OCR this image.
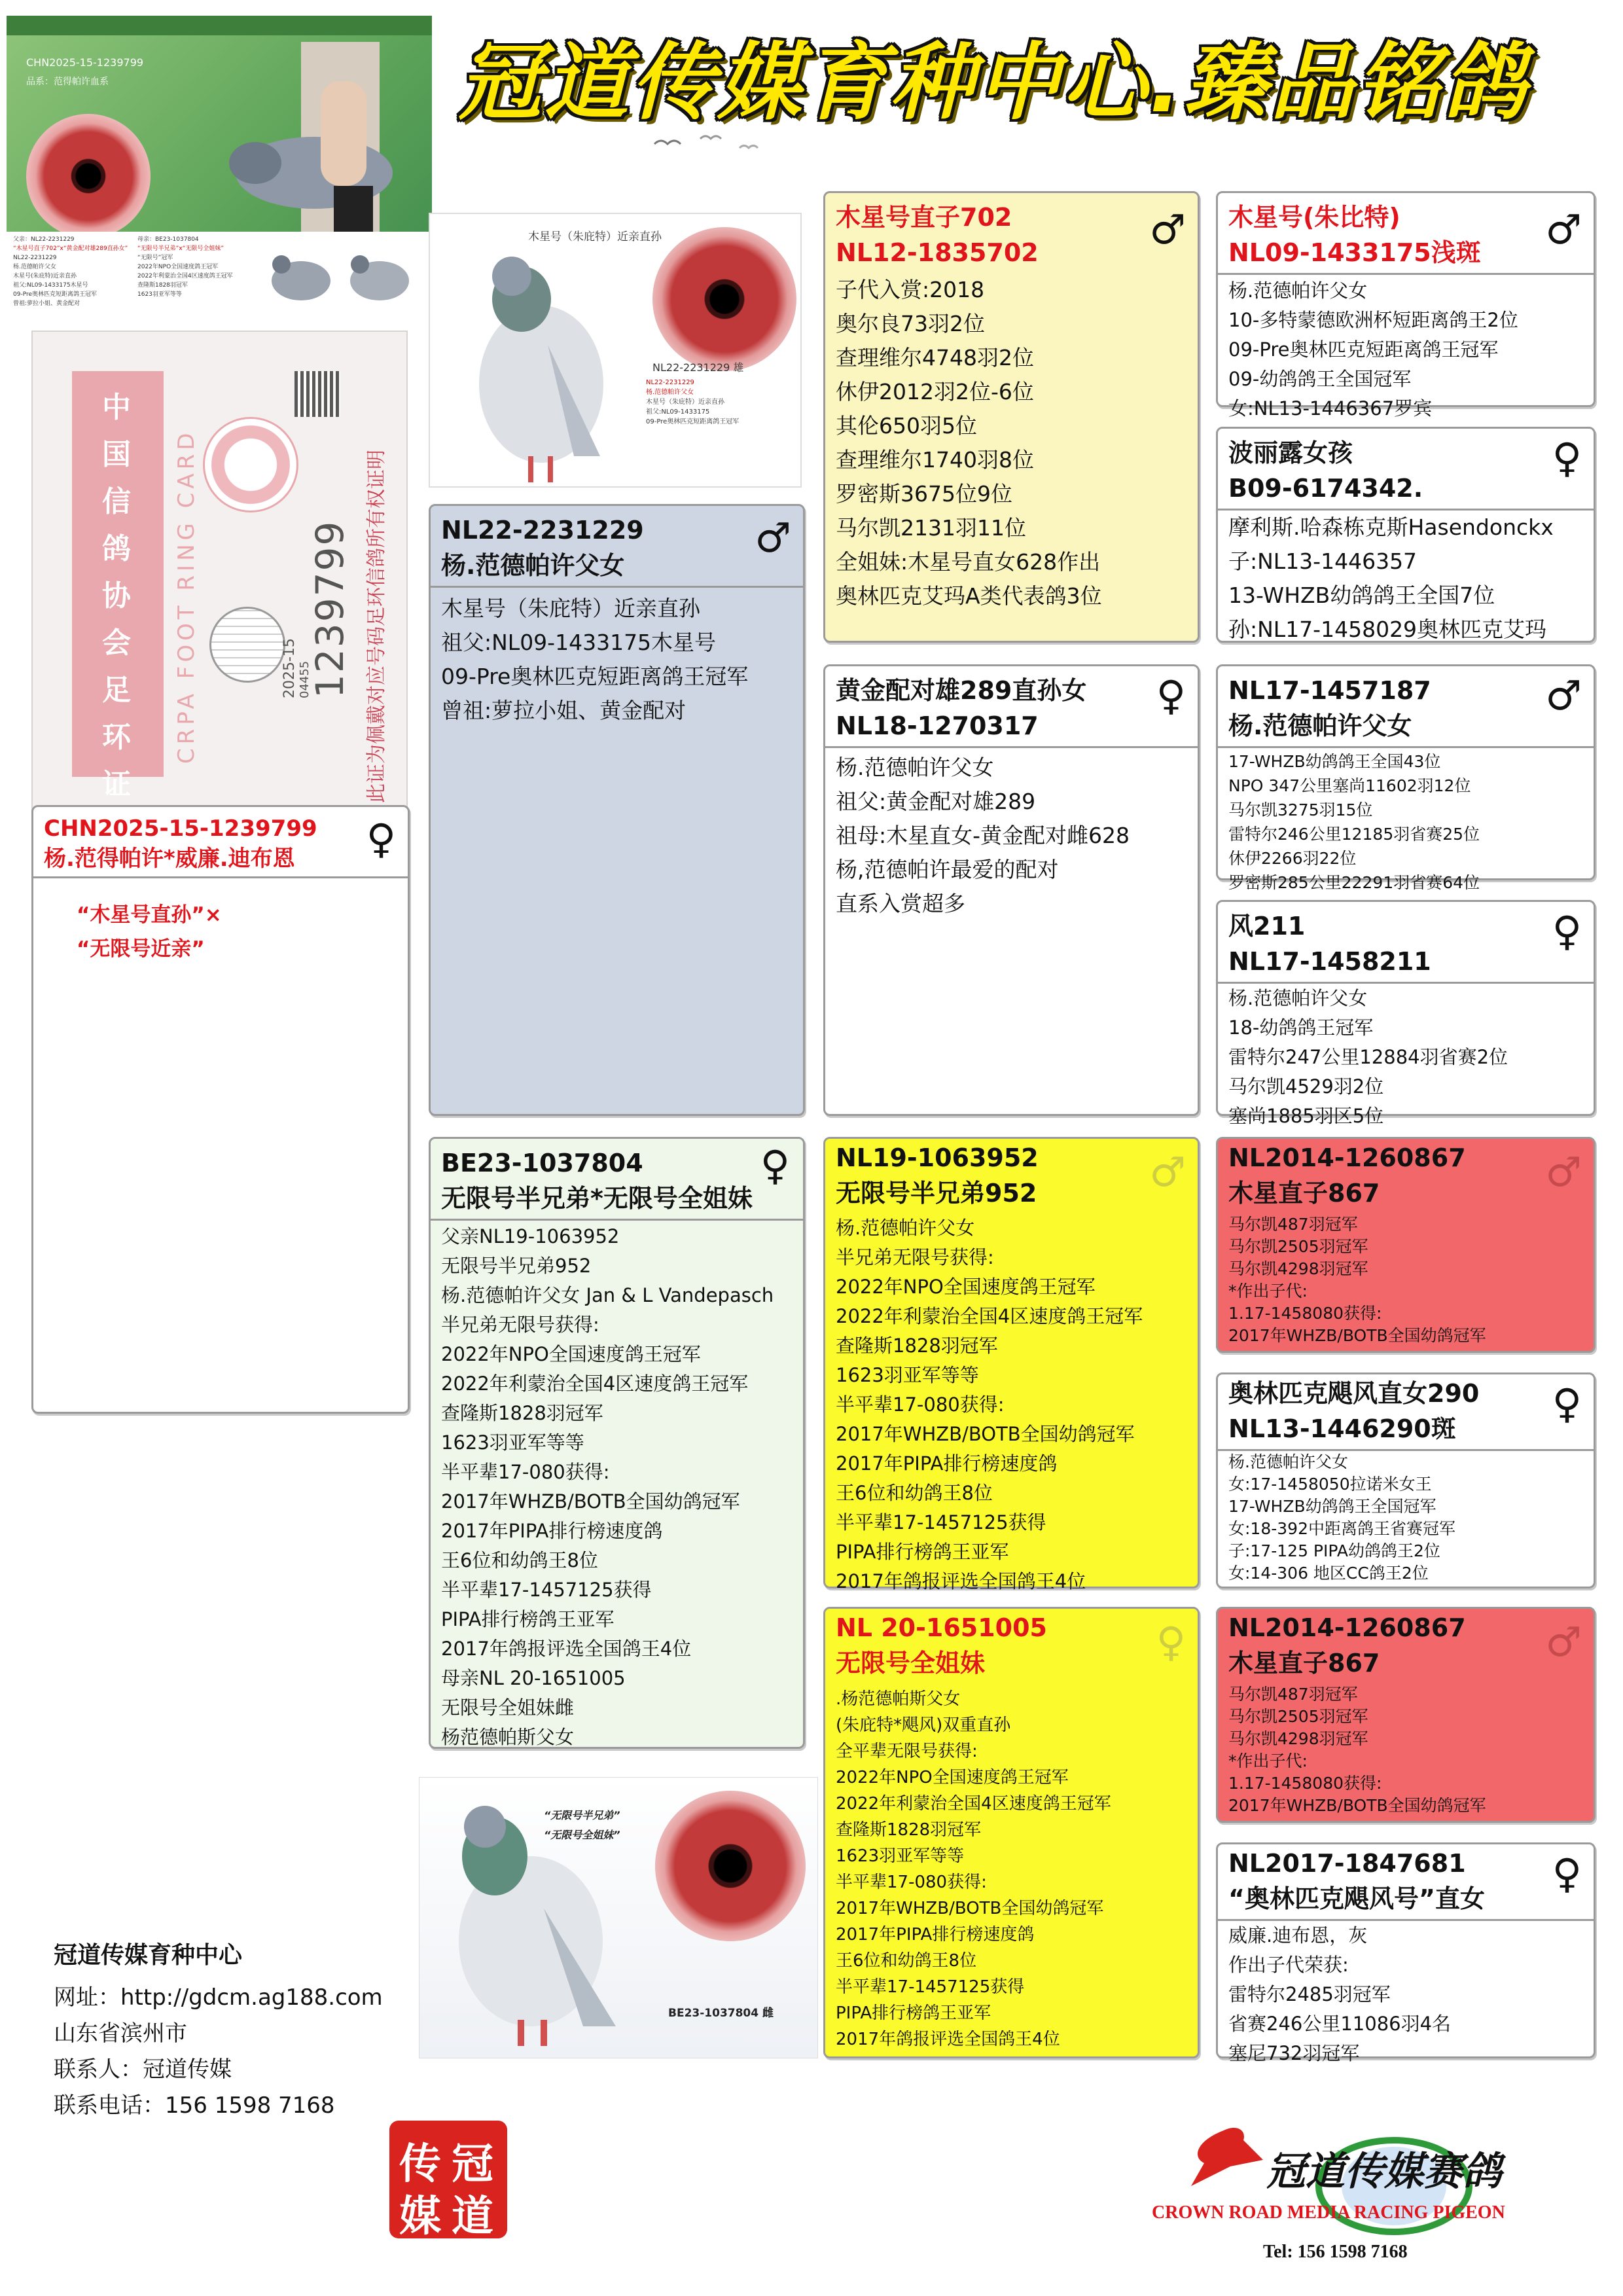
冠道传媒育种中心.臻品铭鸽
CHN2025-15-1239799
品系：范得帕许血系
父亲：NL22-2231229
“木星号直子702”x“黄金配对雄289直孙女”
NL22-2231229
杨.范德帕许父女
木星号(朱庇特)近亲直孙
祖父:NL09-1433175木星号
09-Pre奥林匹克短距离鸽王冠军
曾祖:萝拉小姐、黄金配对
母亲：BE23-1037804
“无限号半兄弟”x“无限号全姐妹”
“无限号”冠军
2022年NPO全国速度鸽王冠军
2022年利蒙治全国4区速度鸽王冠军
查隆斯1828羽冠军
1623羽亚军等等
中国信鸽协会足环证
CRPA FOOT RING CARD	1239799
2025-15 04455	此证为佩戴对应号码足环信鸽所有权证明
木星号（朱庇特）近亲直孙
NL22-2231229
杨.范德帕许父女
木星号（朱庇特）近亲直孙
祖父:NL09-1433175
09-Pre奥林匹克短距离鸽王冠军
NL22-2231229 雄
CHN2025-15-1239799
杨.范得帕许*威廉.迪布恩	♀
“木星号直孙”×
“无限号近亲”
NL22-2231229
杨.范德帕许父女
♂
木星号（朱庇特）近亲直孙
祖父:NL09-1433175木星号
09-Pre奥林匹克短距离鸽王冠军
曾祖:萝拉小姐、黄金配对
BE23-1037804
无限号半兄弟*无限号全姐妹
♀
父亲NL19-1063952
无限号半兄弟952
杨.范德帕许父女 Jan & L Vandepasch
半兄弟无限号获得:
2022年NPO全国速度鸽王冠军
2022年利蒙治全国4区速度鸽王冠军
查隆斯1828羽冠军
1623羽亚军等等
半平辈17-080获得:
2017年WHZB/BOTB全国幼鸽冠军
2017年PIPA排行榜速度鸽
王6位和幼鸽王8位
半平辈17-1457125获得
PIPA排行榜鸽王亚军
2017年鸽报评选全国鸽王4位
母亲NL 20-1651005
无限号全姐妹雌
杨范德帕斯父女
“无限号半兄弟”
“无限号全姐妹”
BE23-1037804 雌
木星号直子702
NL12-1835702	♂
子代入赏:2018
奥尔良73羽2位
查理维尔4748羽2位
休伊2012羽2位-6位
其伦650羽5位
查理维尔1740羽8位
罗密斯3675位9位
马尔凯2131羽11位
全姐妹:木星号直女628作出
奥林匹克艾玛A类代表鸽3位
黄金配对雄289直孙女
NL18-1270317
♀
杨.范德帕许父女
祖父:黄金配对雄289
祖母:木星直女-黄金配对雌628
杨,范德帕许最爱的配对
直系入赏超多
NL19-1063952
无限号半兄弟952	♂
杨.范德帕许父女
半兄弟无限号获得:
2022年NPO全国速度鸽王冠军
2022年利蒙治全国4区速度鸽王冠军
查隆斯1828羽冠军
1623羽亚军等等
半平辈17-080获得:
2017年WHZB/BOTB全国幼鸽冠军
2017年PIPA排行榜速度鸽
王6位和幼鸽王8位
半平辈17-1457125获得
PIPA排行榜鸽王亚军
2017年鸽报评选全国鸽王4位
NL 20-1651005
无限号全姐妹	♀
.杨范德帕斯父女
(朱庇特*飓风)双重直孙
全平辈无限号获得:
2022年NPO全国速度鸽王冠军
2022年利蒙治全国4区速度鸽王冠军
查隆斯1828羽冠军
1623羽亚军等等
半平辈17-080获得:
2017年WHZB/BOTB全国幼鸽冠军
2017年PIPA排行榜速度鸽
王6位和幼鸽王8位
半平辈17-1457125获得
PIPA排行榜鸽王亚军
2017年鸽报评选全国鸽王4位
木星号(朱比特)
NL09-1433175浅斑	♂
杨.范德帕许父女
10-多特蒙德欧洲杯短距离鸽王2位
09-Pre奥林匹克短距离鸽王冠军
09-幼鸽鸽王全国冠军
女:NL13-1446367罗宾
波丽露女孩
B09-6174342.
♀
摩利斯.哈森栋克斯Hasendonckx
子:NL13-1446357
13-WHZB幼鸽鸽王全国7位
孙:NL17-1458029奥林匹克艾玛
NL17-1457187
杨.范德帕许父女
♂
17-WHZB幼鸽鸽王全国43位
NPO 347公里塞尚11602羽12位
马尔凯3275羽15位
雷特尔246公里12185羽省赛25位
休伊2266羽22位
罗密斯285公里22291羽省赛64位
风211
NL17-1458211
♀
杨.范德帕许父女
18-幼鸽鸽王冠军
雷特尔247公里12884羽省赛2位
马尔凯4529羽2位
塞尚1885羽区5位
NL2014-1260867
木星直子867	♂
马尔凯487羽冠军
马尔凯2505羽冠军
马尔凯4298羽冠军
*作出子代:
1.17-1458080获得:
2017年WHZB/BOTB全国幼鸽冠军
奥林匹克飓风直女290
NL13-1446290斑
♀
杨.范德帕许父女
女:17-1458050拉诺米女王
17-WHZB幼鸽鸽王全国冠军
女:18-392中距离鸽王省赛冠军
子:17-125 PIPA幼鸽鸽王2位
女:14-306 地区CC鸽王2位
NL2014-1260867
木星直子867	♂
马尔凯487羽冠军
马尔凯2505羽冠军
马尔凯4298羽冠军
*作出子代:
1.17-1458080获得:
2017年WHZB/BOTB全国幼鸽冠军
NL2017-1847681
“奥林匹克飓风号”直女
♀
威廉.迪布恩，灰
作出子代荣获:
雷特尔2485羽冠军
省赛246公里11086羽4名
塞尼732羽冠军
冠道传媒育种中心
网址：http://gdcm.ag188.com
山东省滨州市
联系人：冠道传媒
联系电话：156 1598 7168
冠
道
传
媒
冠道传媒赛鸽
CROWN ROAD MEDIA RACING PIGEON
Tel: 156 1598 7168
